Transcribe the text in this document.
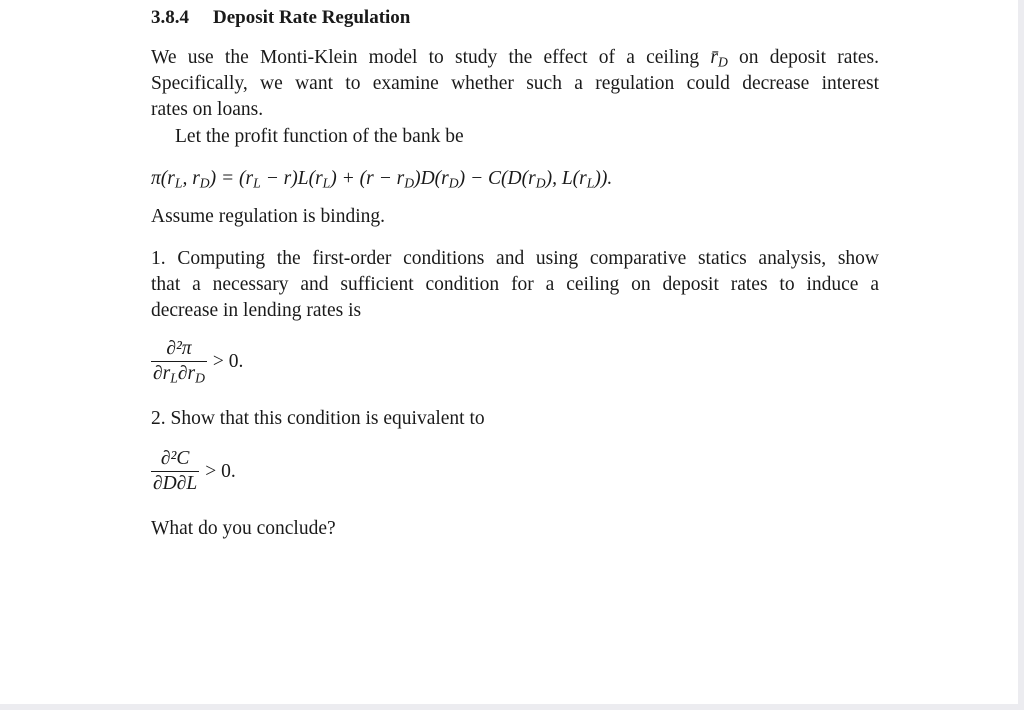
3.8.4 Deposit Rate Regulation
We use the Monti-Klein model to study the effect of a ceiling $r̄_D$ on deposit rates.
Specifically, we want to examine whether such a regulation could decrease interest
rates on loans.
Let the profit function of the bank be
$\pi(r_L$, $r_D) = (r_L - r)L(r_L) + (r - r_D)D(r_D) - C(D(r_D)$, $L(r_L)$).
Assume regulation is binding.
1. Computing the first-order conditions and using comparative statics analysis, show
that a necessary and sufficient condition for a ceiling on deposit rates to induce a
decrease in lending rates is
$\frac{\text{∂²π}}{\partial r_L\partial r_D} > 0$.
2. Show that this condition is equivalent to
$\frac{\text{∂²C}}{\partial D\partial L} > 0$.
What do you conclude?
